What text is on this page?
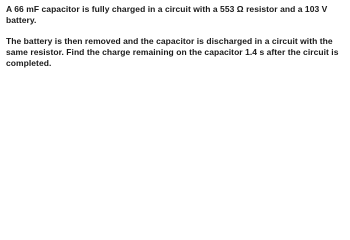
A 66 mF capacitor is fully charged in a circuit with a 553 Ω resistor and a 103 V battery.

The battery is then removed and the capacitor is discharged in a circuit with the same resistor. Find the charge remaining on the capacitor 1.4 s after the circuit is completed.
